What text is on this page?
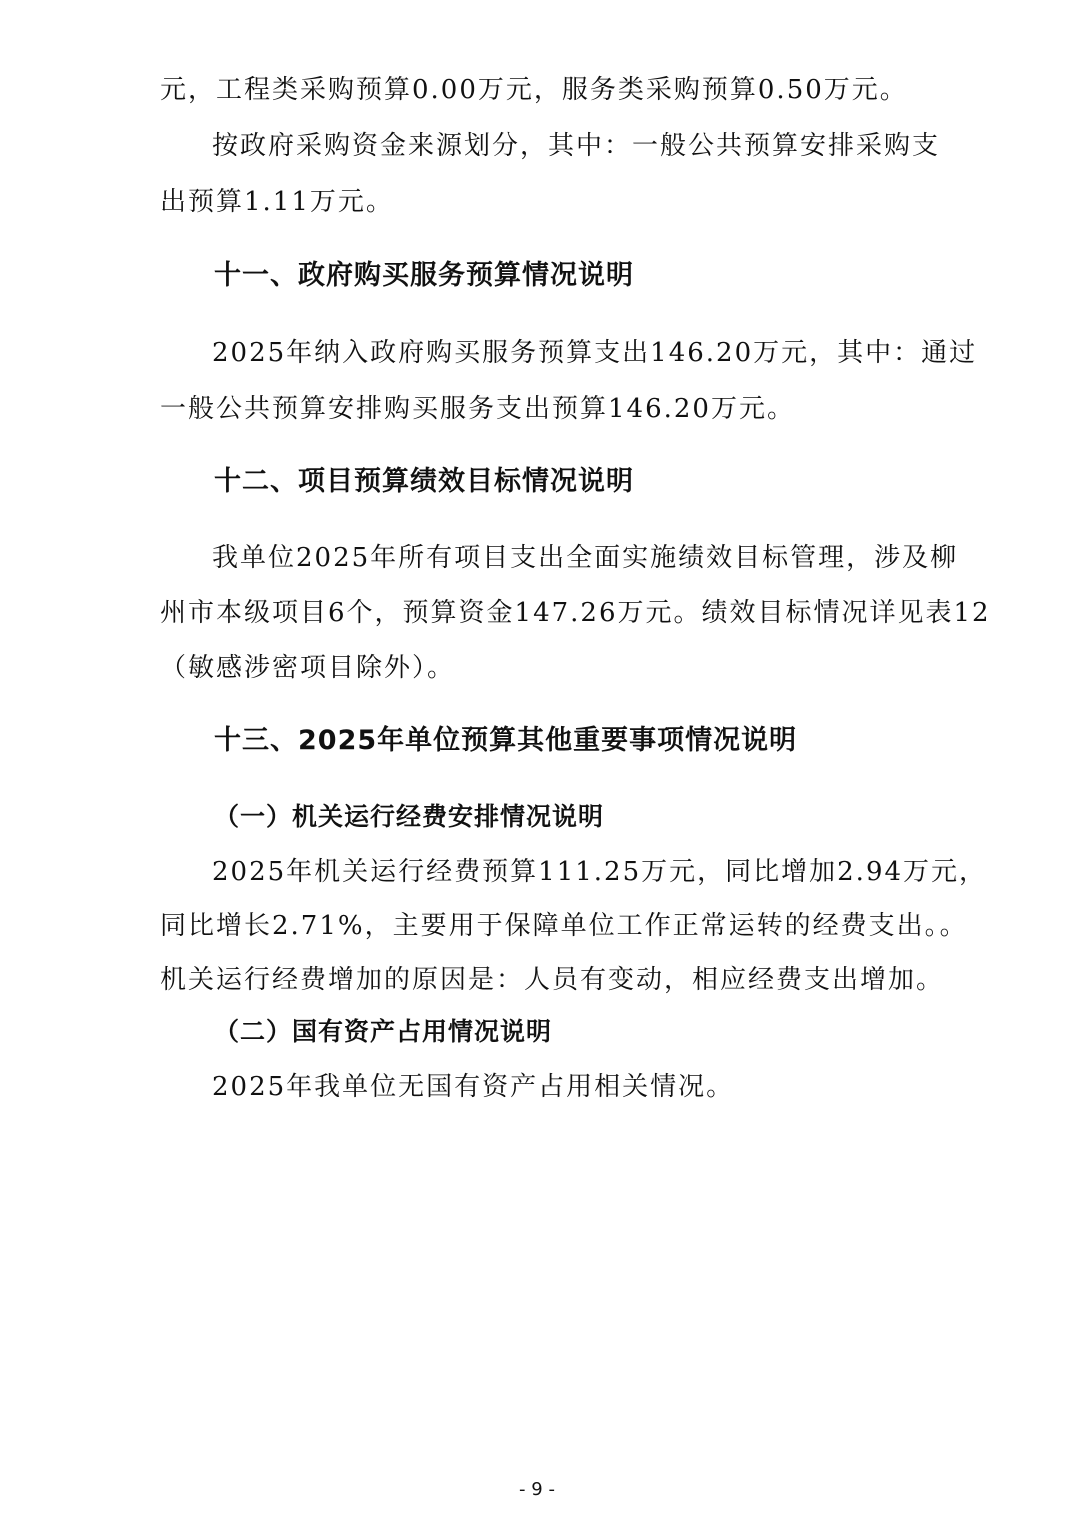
元，工程类采购预算0.00万元，服务类采购预算0.50万元。
按政府采购资金来源划分，其中：一般公共预算安排采购支
出预算1.11万元。
十一、政府购买服务预算情况说明
2025年纳入政府购买服务预算支出146.20万元，其中：通过
一般公共预算安排购买服务支出预算146.20万元。
十二、项目预算绩效目标情况说明
我单位2025年所有项目支出全面实施绩效目标管理，涉及柳
州市本级项目6个，预算资金147.26万元。绩效目标情况详见表12
（敏感涉密项目除外）。
十三、2025年单位预算其他重要事项情况说明
（一）机关运行经费安排情况说明
2025年机关运行经费预算111.25万元，同比增加2.94万元，
同比增长2.71%，主要用于保障单位工作正常运转的经费支出。。
机关运行经费增加的原因是：人员有变动，相应经费支出增加。
（二）国有资产占用情况说明
2025年我单位无国有资产占用相关情况。
- 9 -
